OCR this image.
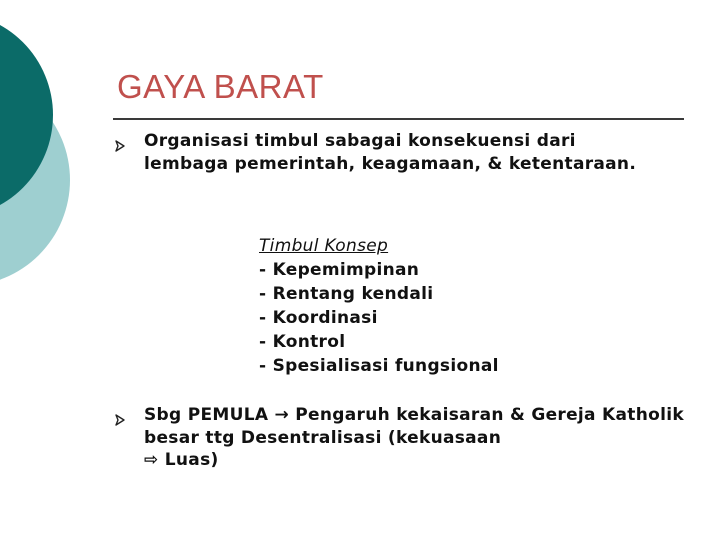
GAYA BARAT
Organisasi timbul sabagai konsekuensi dari lembaga pemerintah, keagamaan, & ketentaraan.
Timbul Konsep
- Kepemimpinan
- Rentang kendali
- Koordinasi
- Kontrol
- Spesialisasi fungsional
Sbg PEMULA → Pengaruh kekaisaran & Gereja Katholik besar ttg Desentralisasi (kekuasaan
⇨ Luas)
